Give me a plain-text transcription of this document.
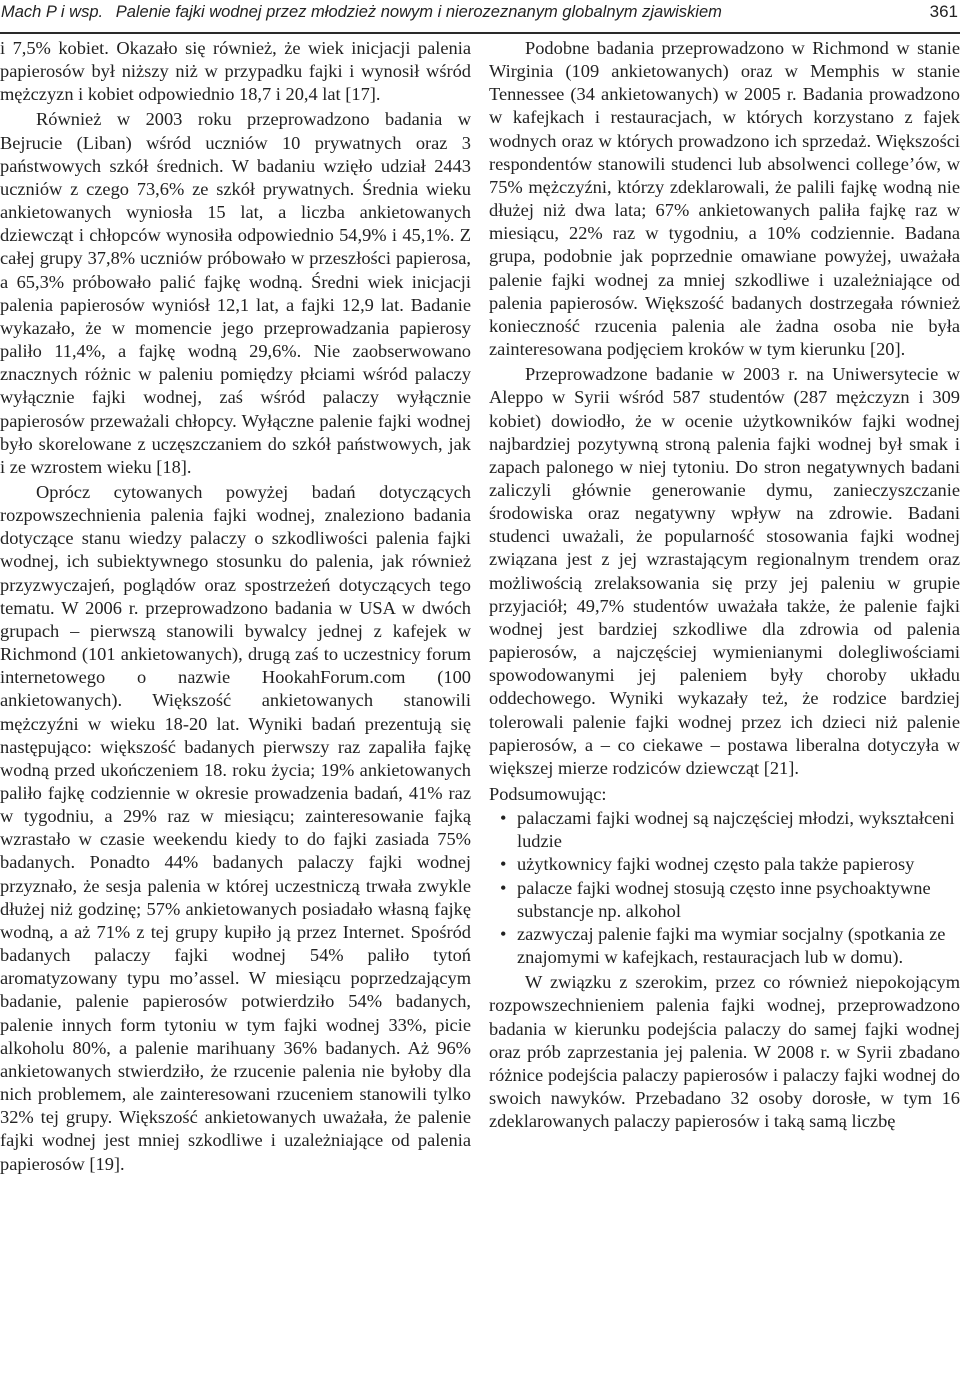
Mach P i wsp. Palenie fajki wodnej przez młodzież nowym i nierozeznanym globalnym zjawiskiem	361

i 7,5% kobiet. Okazało się również, że wiek inicjacji palenia papierosów był niższy niż w przypadku fajki i wynosił wśród mężczyzn i kobiet odpowiednio 18,7 i 20,4 lat [17].

Również w 2003 roku przeprowadzono badania w Bejrucie (Liban) wśród uczniów 10 prywatnych oraz 3 państwowych szkół średnich. W badaniu wzięło udział 2443 uczniów z czego 73,6% ze szkół prywatnych. Średnia wieku ankietowanych wyniosła 15 lat, a liczba ankietowanych dziewcząt i chłopców wynosiła odpowiednio 54,9% i 45,1%. Z całej grupy 37,8% uczniów próbowało w przeszłości papierosa, a 65,3% próbowało palić fajkę wodną. Średni wiek inicjacji palenia papierosów wyniósł 12,1 lat, a fajki 12,9 lat. Badanie wykazało, że w momencie jego przeprowadzania papierosy paliło 11,4%, a fajkę wodną 29,6%. Nie zaobserwowano znacznych różnic w paleniu pomiędzy płciami wśród palaczy wyłącznie fajki wodnej, zaś wśród palaczy wyłącznie papierosów przeważali chłopcy. Wyłączne palenie fajki wodnej było skorelowane z uczęszczaniem do szkół państwowych, jak i ze wzrostem wieku [18].

Oprócz cytowanych powyżej badań dotyczących rozpowszechnienia palenia fajki wodnej, znaleziono badania dotyczące stanu wiedzy palaczy o szkodliwości palenia fajki wodnej, ich subiektywnego stosunku do palenia, jak również przyzwyczajeń, poglądów oraz spostrzeżeń dotyczących tego tematu. W 2006 r. przeprowadzono badania w USA w dwóch grupach – pierwszą stanowili bywalcy jednej z kafejek w Richmond (101 ankietowanych), drugą zaś to uczestnicy forum internetowego o nazwie HookahForum.com (100 ankietowanych). Większość ankietowanych stanowili mężczyźni w wieku 18-20 lat. Wyniki badań prezentują się następująco: większość badanych pierwszy raz zapaliła fajkę wodną przed ukończeniem 18. roku życia; 19% ankietowanych paliło fajkę codziennie w okresie prowadzenia badań, 41% raz w tygodniu, a 29% raz w miesiącu; zainteresowanie fajką wzrastało w czasie weekendu kiedy to do fajki zasiada 75% badanych. Ponadto 44% badanych palaczy fajki wodnej przyznało, że sesja palenia w której uczestniczą trwała zwykle dłużej niż godzinę; 57% ankietowanych posiadało własną fajkę wodną, a aż 71% z tej grupy kupiło ją przez Internet. Spośród badanych palaczy fajki wodnej 54% paliło tytoń aromatyzowany typu mo’assel. W miesiącu poprzedzającym badanie, palenie papierosów potwierdziło 54% badanych, palenie innych form tytoniu w tym fajki wodnej 33%, picie alkoholu 80%, a palenie marihuany 36% badanych. Aż 96% ankietowanych stwierdziło, że rzucenie palenia nie byłoby dla nich problemem, ale zainteresowani rzuceniem stanowili tylko 32% tej grupy. Większość ankietowanych uważała, że palenie fajki wodnej jest mniej szkodliwe i uzależniające od palenia papierosów [19].

Podobne badania przeprowadzono w Richmond w stanie Wirginia (109 ankietowanych) oraz w Memphis w stanie Tennessee (34 ankietowanych) w 2005 r. Badania prowadzono w kafejkach i restauracjach, w których korzystano z fajek wodnych oraz w których prowadzono ich sprzedaż. Większości respondentów stanowili studenci lub absolwenci college’ów, w 75% mężczyźni, którzy zdeklarowali, że palili fajkę wodną nie dłużej niż dwa lata; 67% ankietowanych paliła fajkę raz w miesiącu, 22% raz w tygodniu, a 10% codziennie. Badana grupa, podobnie jak poprzednie omawiane powyżej, uważała palenie fajki wodnej za mniej szkodliwe i uzależniające od palenia papierosów. Większość badanych dostrzegała również konieczność rzucenia palenia ale żadna osoba nie była zainteresowana podjęciem kroków w tym kierunku [20].

Przeprowadzone badanie w 2003 r. na Uniwersytecie w Aleppo w Syrii wśród 587 studentów (287 mężczyzn i 309 kobiet) dowiodło, że w ocenie użytkowników fajki wodnej najbardziej pozytywną stroną palenia fajki wodnej był smak i zapach palonego w niej tytoniu. Do stron negatywnych badani zaliczyli głównie generowanie dymu, zanieczyszczanie środowiska oraz negatywny wpływ na zdrowie. Badani studenci uważali, że popularność stosowania fajki wodnej związana jest z jej wzrastającym regionalnym trendem oraz możliwością zrelaksowania się przy jej paleniu w grupie przyjaciół; 49,7% studentów uważała także, że palenie fajki wodnej jest bardziej szkodliwe dla zdrowia od palenia papierosów, a najczęściej wymienianymi dolegliwościami spowodowanymi jej paleniem były choroby układu oddechowego. Wyniki wykazały też, że rodzice bardziej tolerowali palenie fajki wodnej przez ich dzieci niż palenie papierosów, a – co ciekawe – postawa liberalna dotyczyła w większej mierze rodziców dziewcząt [21].

Podsumowując:

• palaczami fajki wodnej są najczęściej młodzi, wykształceni ludzie
• użytkownicy fajki wodnej często pala także papierosy
• palacze fajki wodnej stosują często inne psychoaktywne substancje np. alkohol
• zazwyczaj palenie fajki ma wymiar socjalny (spotkania ze znajomymi w kafejkach, restauracjach lub w domu).

W związku z szerokim, przez co również niepokojącym rozpowszechnieniem palenia fajki wodnej, przeprowadzono badania w kierunku podejścia palaczy do samej fajki wodnej oraz prób zaprzestania jej palenia. W 2008 r. w Syrii zbadano różnice podejścia palaczy papierosów i palaczy fajki wodnej do swoich nawyków. Przebadano 32 osoby dorosłe, w tym 16 zdeklarowanych palaczy papierosów i taką samą liczbę
